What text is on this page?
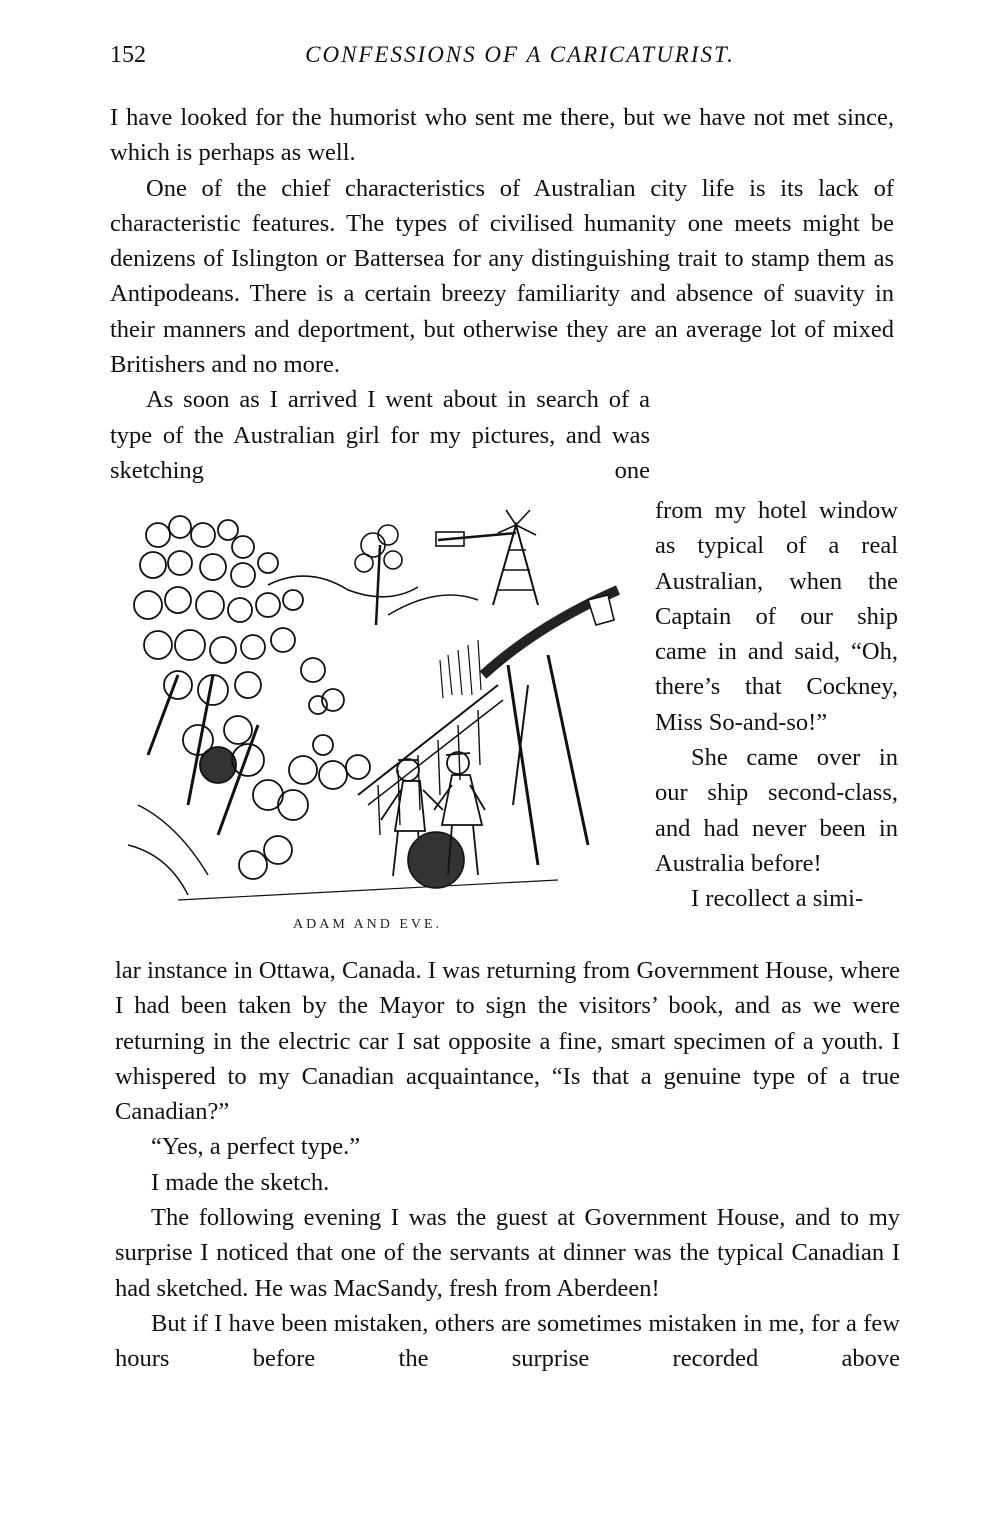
152	CONFESSIONS OF A CARICATURIST.

I have looked for the humorist who sent me there, but we have not met since, which is perhaps as well.

One of the chief characteristics of Australian city life is its lack of characteristic features. The types of civilised humanity one meets might be denizens of Islington or Battersea for any distinguishing trait to stamp them as Antipodeans. There is a certain breezy familiarity and absence of suavity in their manners and deportment, but otherwise they are an average lot of mixed Britishers and no more.

As soon as I arrived I went about in search of a type of the Australian girl for my pictures, and was sketching one

ADAM AND EVE.

from my hotel window as typical of a real Australian, when the Captain of our ship came in and said, “Oh, there’s that Cockney, Miss So-and-so!”

She came over in our ship second-class, and had never been in Australia before!

I recollect a simi-

lar instance in Ottawa, Canada. I was returning from Government House, where I had been taken by the Mayor to sign the visitors’ book, and as we were returning in the electric car I sat opposite a fine, smart specimen of a youth. I whispered to my Canadian acquaintance, “Is that a genuine type of a true Canadian?”

“Yes, a perfect type.”

I made the sketch.

The following evening I was the guest at Government House, and to my surprise I noticed that one of the servants at dinner was the typical Canadian I had sketched. He was MacSandy, fresh from Aberdeen!

But if I have been mistaken, others are sometimes mistaken in me, for a few hours before the surprise recorded above
